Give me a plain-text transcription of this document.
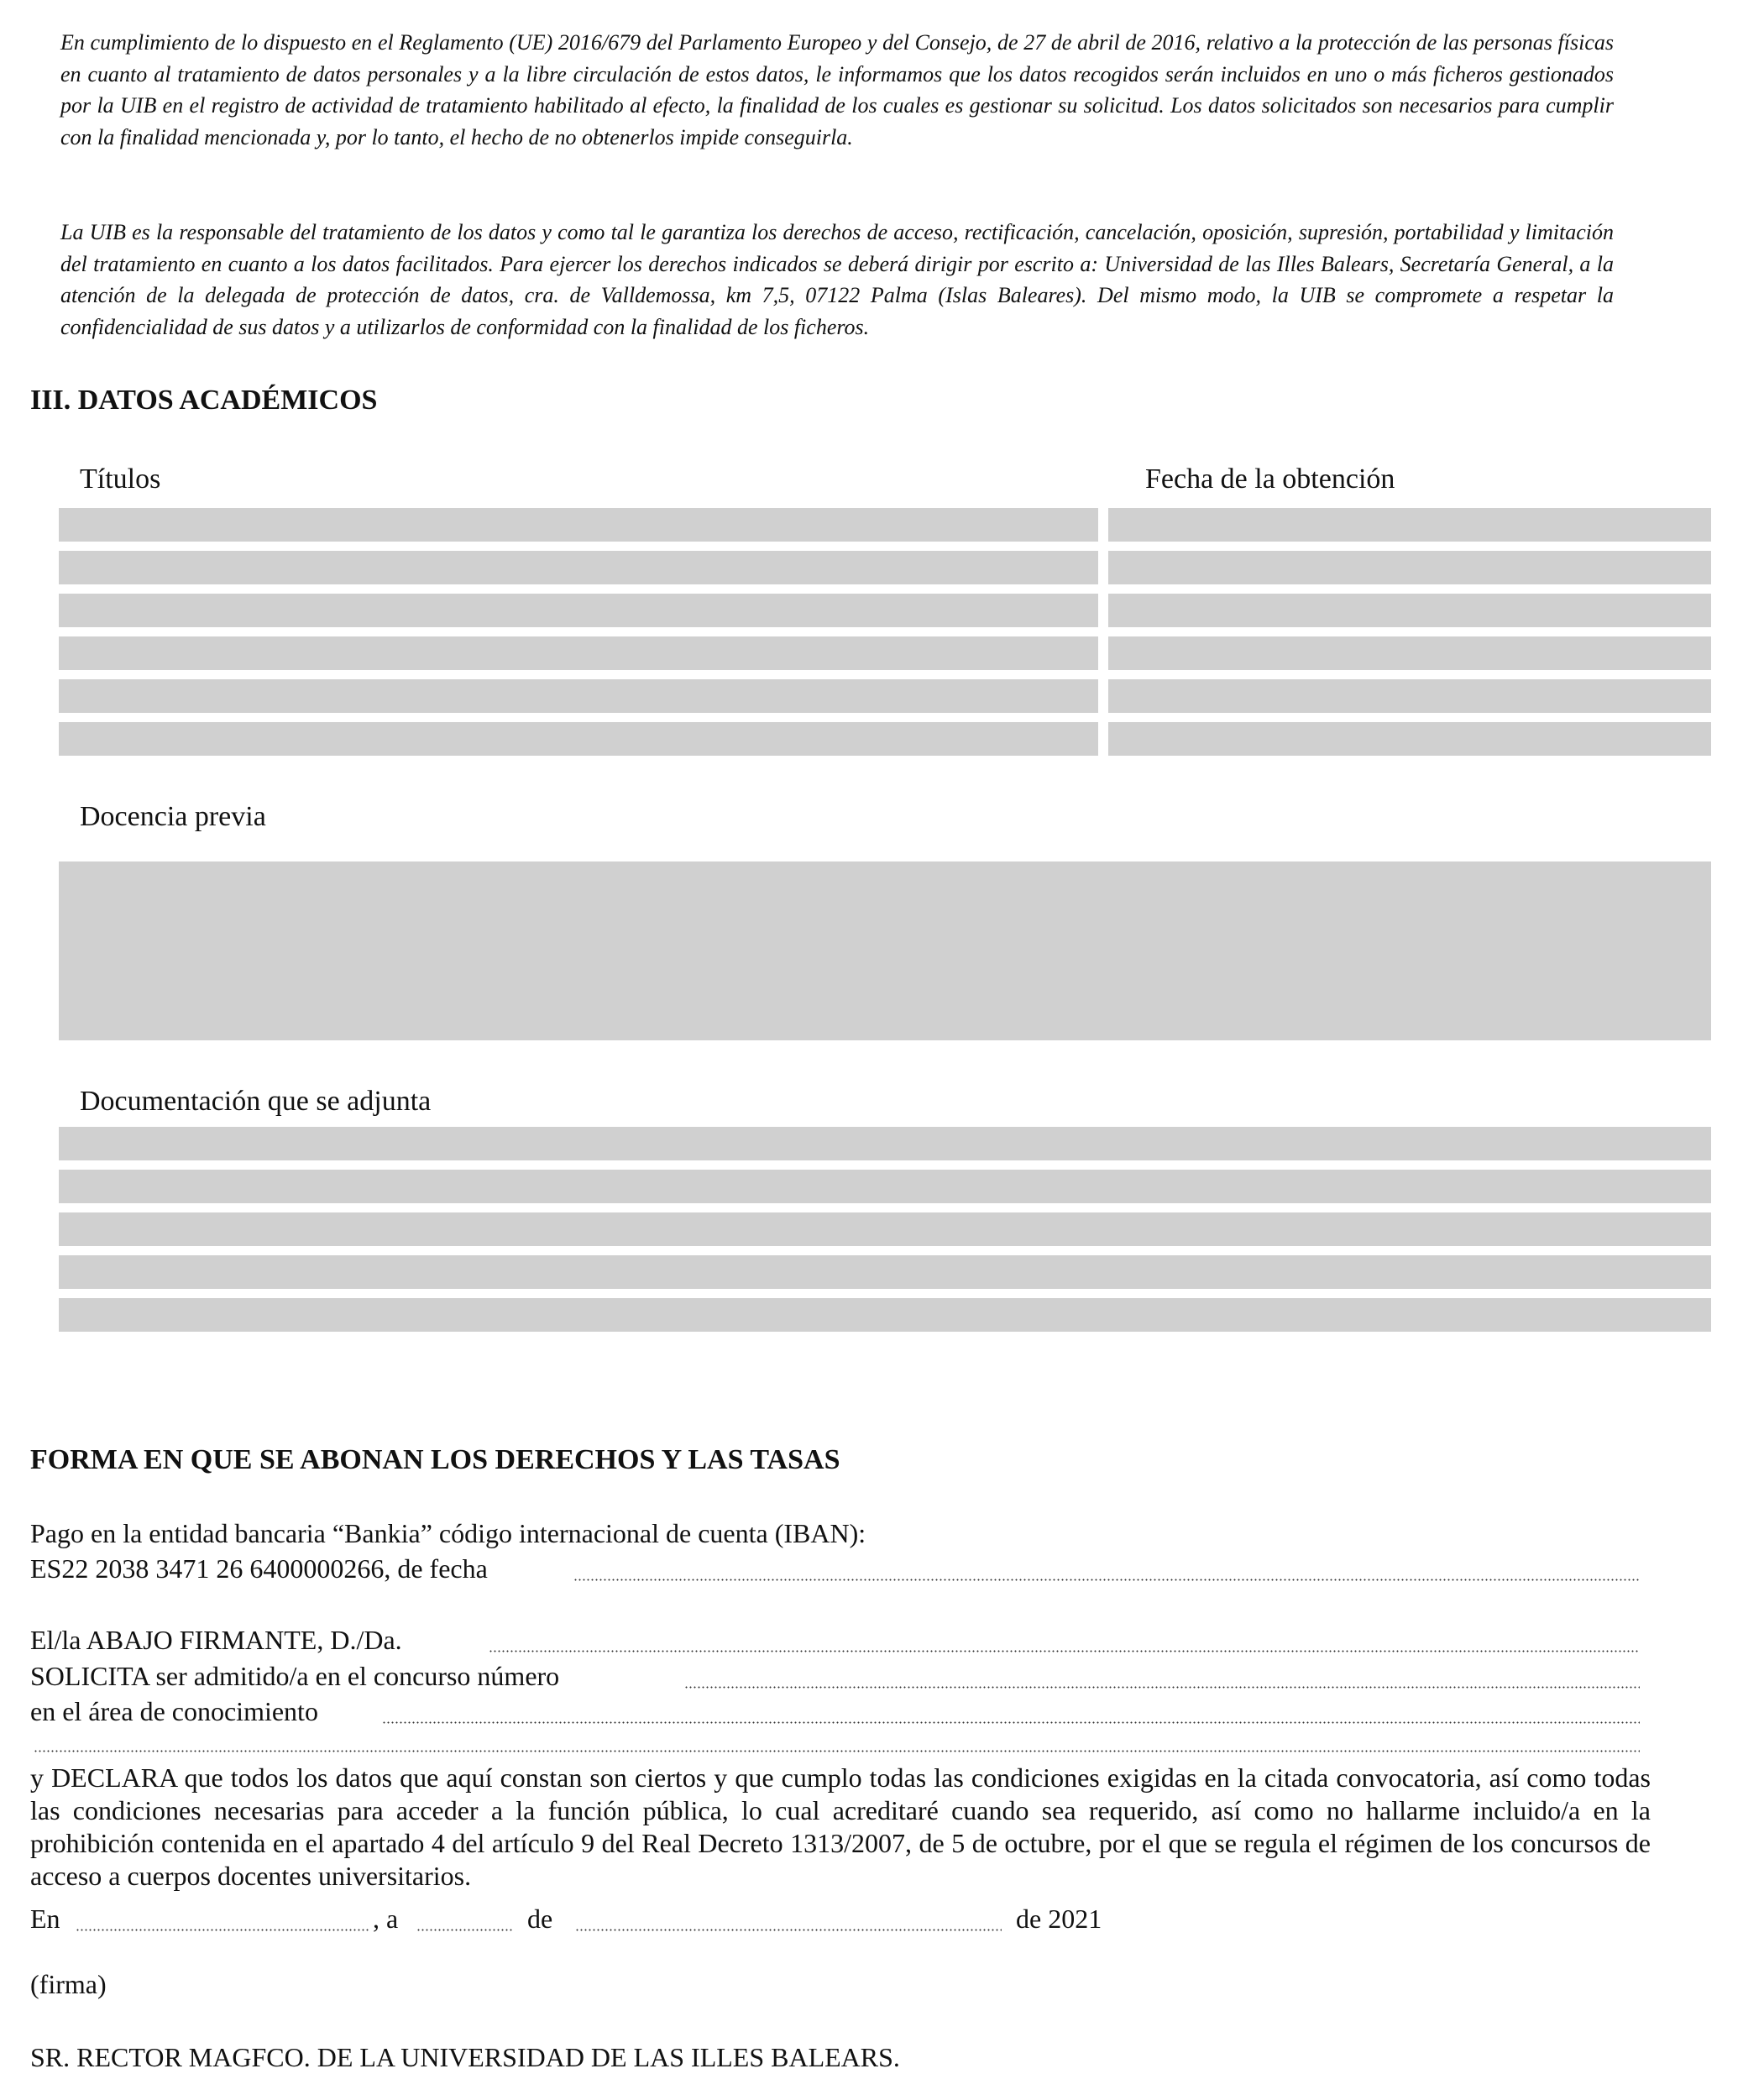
En cumplimiento de lo dispuesto en el Reglamento (UE) 2016/679 del Parlamento Europeo y del Consejo, de 27 de abril de 2016, relativo a la protección de las personas físicas en cuanto al tratamiento de datos personales y a la libre circulación de estos datos, le informamos que los datos recogidos serán incluidos en uno o más ficheros gestionados por la UIB en el registro de actividad de tratamiento habilitado al efecto, la finalidad de los cuales es gestionar su solicitud. Los datos solicitados son necesarios para cumplir con la finalidad mencionada y, por lo tanto, el hecho de no obtenerlos impide conseguirla.

La UIB es la responsable del tratamiento de los datos y como tal le garantiza los derechos de acceso, rectificación, cancelación, oposición, supresión, portabilidad y limitación del tratamiento en cuanto a los datos facilitados. Para ejercer los derechos indicados se deberá dirigir por escrito a: Universidad de las Illes Balears, Secretaría General, a la atención de la delegada de protección de datos, cra. de Valldemossa, km 7,5, 07122 Palma (Islas Baleares). Del mismo modo, la UIB se compromete a respetar la confidencialidad de sus datos y a utilizarlos de conformidad con la finalidad de los ficheros.

III. DATOS ACADÉMICOS
Títulos	Fecha de la obtención
Docencia previa
Documentación que se adjunta
FORMA EN QUE SE ABONAN LOS DERECHOS Y LAS TASAS
Pago en la entidad bancaria “Bankia” código internacional de cuenta (IBAN):
ES22 2038 3471 26 6400000266, de fecha
El/la ABAJO FIRMANTE, D./Da.
SOLICITA ser admitido/a en el concurso número
en el área de conocimiento

y DECLARA que todos los datos que aquí constan son ciertos y que cumplo todas las condiciones exigidas en la citada convocatoria, así como todas las condiciones necesarias para acceder a la función pública, lo cual acreditaré cuando sea requerido, así como no hallarme incluido/a en la prohibición contenida en el apartado 4 del artículo 9 del Real Decreto 1313/2007, de 5 de octubre, por el que se regula el régimen de los concursos de acceso a cuerpos docentes universitarios.

En	, a	de	de 2021
(firma)
SR. RECTOR MAGFCO. DE LA UNIVERSIDAD DE LAS ILLES BALEARS.
